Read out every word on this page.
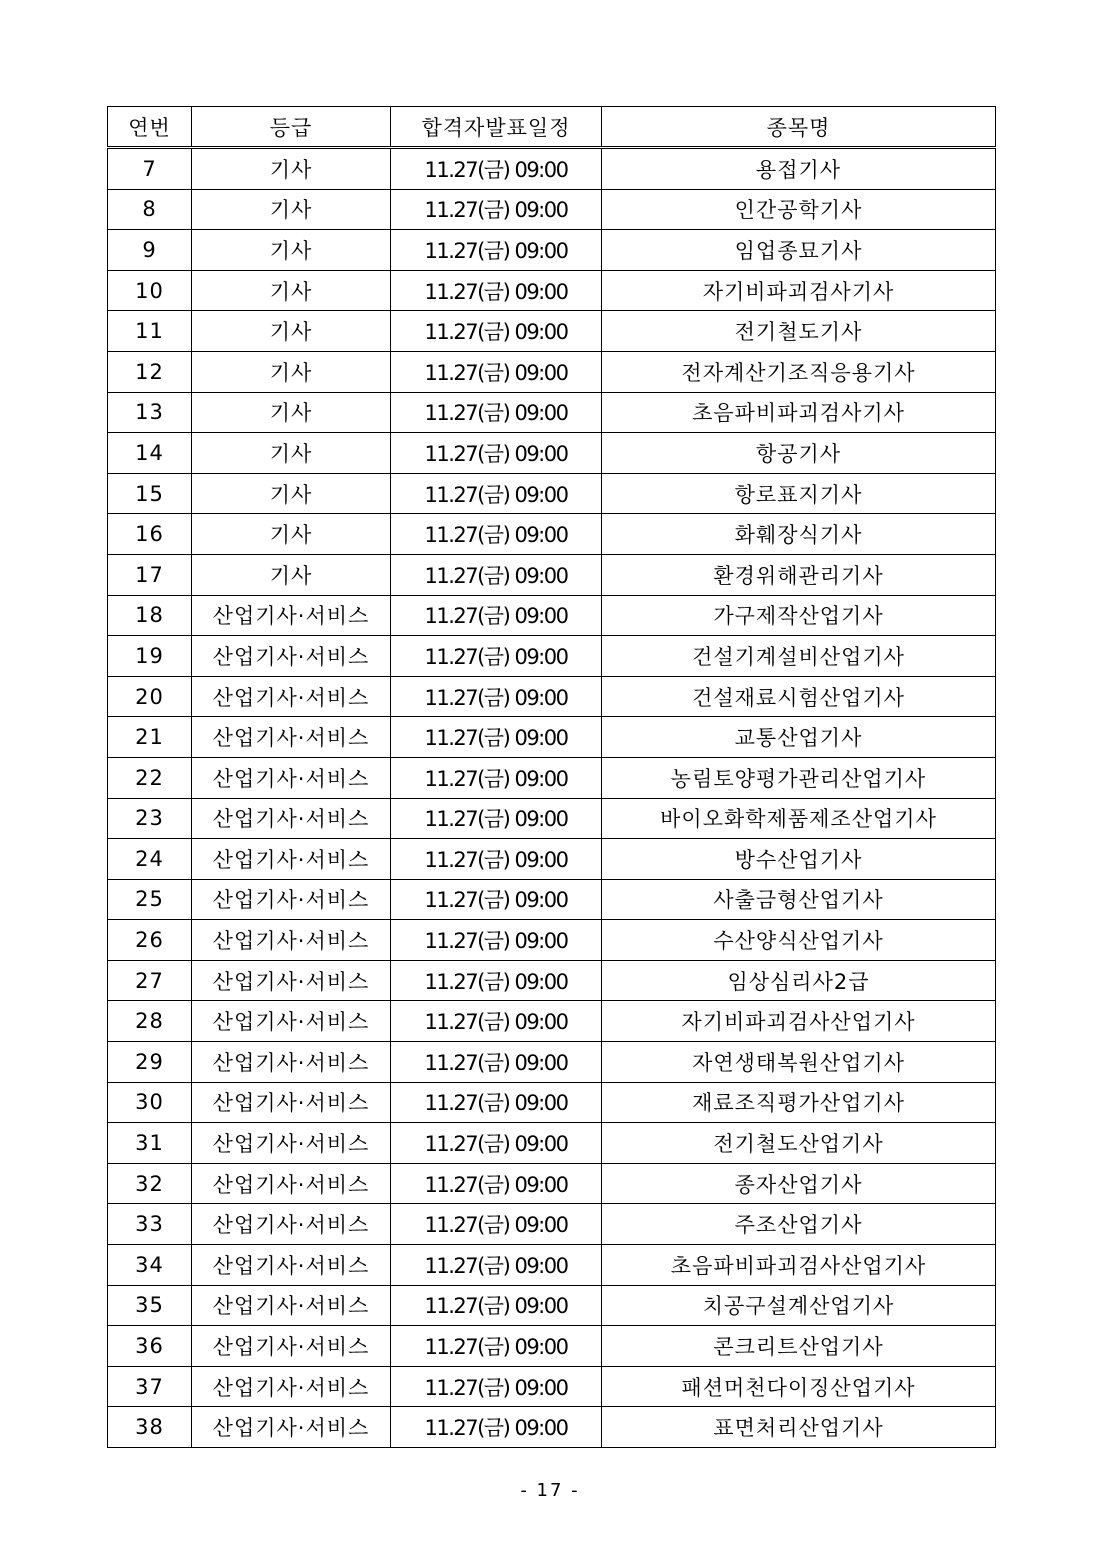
연번	등급	합격자발표일정	종목명
7	기사	11.27(금) 09:00	용접기사
8	기사	11.27(금) 09:00	인간공학기사
9	기사	11.27(금) 09:00	임업종묘기사
10	기사	11.27(금) 09:00	자기비파괴검사기사
11	기사	11.27(금) 09:00	전기철도기사
12	기사	11.27(금) 09:00	전자계산기조직응용기사
13	기사	11.27(금) 09:00	초음파비파괴검사기사
14	기사	11.27(금) 09:00	항공기사
15	기사	11.27(금) 09:00	항로표지기사
16	기사	11.27(금) 09:00	화훼장식기사
17	기사	11.27(금) 09:00	환경위해관리기사
18	산업기사·서비스	11.27(금) 09:00	가구제작산업기사
19	산업기사·서비스	11.27(금) 09:00	건설기계설비산업기사
20	산업기사·서비스	11.27(금) 09:00	건설재료시험산업기사
21	산업기사·서비스	11.27(금) 09:00	교통산업기사
22	산업기사·서비스	11.27(금) 09:00	농림토양평가관리산업기사
23	산업기사·서비스	11.27(금) 09:00	바이오화학제품제조산업기사
24	산업기사·서비스	11.27(금) 09:00	방수산업기사
25	산업기사·서비스	11.27(금) 09:00	사출금형산업기사
26	산업기사·서비스	11.27(금) 09:00	수산양식산업기사
27	산업기사·서비스	11.27(금) 09:00	임상심리사2급
28	산업기사·서비스	11.27(금) 09:00	자기비파괴검사산업기사
29	산업기사·서비스	11.27(금) 09:00	자연생태복원산업기사
30	산업기사·서비스	11.27(금) 09:00	재료조직평가산업기사
31	산업기사·서비스	11.27(금) 09:00	전기철도산업기사
32	산업기사·서비스	11.27(금) 09:00	종자산업기사
33	산업기사·서비스	11.27(금) 09:00	주조산업기사
34	산업기사·서비스	11.27(금) 09:00	초음파비파괴검사산업기사
35	산업기사·서비스	11.27(금) 09:00	치공구설계산업기사
36	산업기사·서비스	11.27(금) 09:00	콘크리트산업기사
37	산업기사·서비스	11.27(금) 09:00	패션머천다이징산업기사
38	산업기사·서비스	11.27(금) 09:00	표면처리산업기사
- 17 -
